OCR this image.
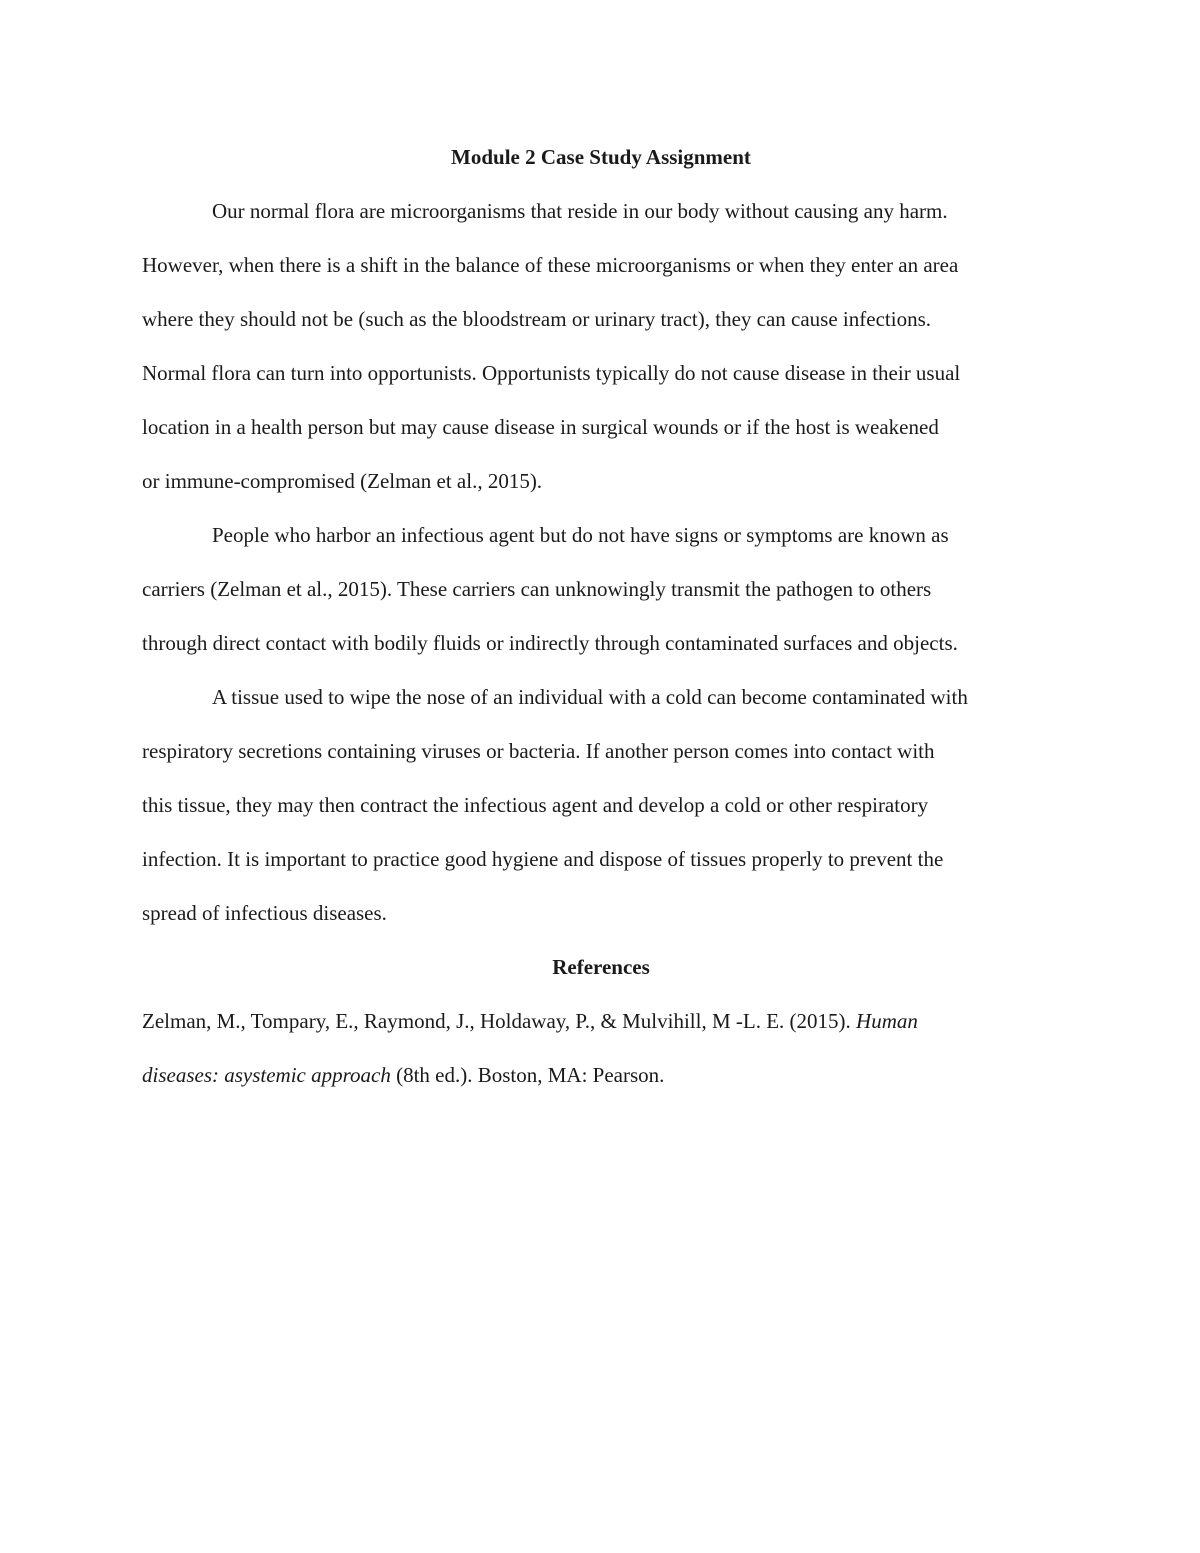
Module 2 Case Study Assignment

Our normal flora are microorganisms that reside in our body without causing any harm.
However, when there is a shift in the balance of these microorganisms or when they enter an area
where they should not be (such as the bloodstream or urinary tract), they can cause infections.
Normal flora can turn into opportunists. Opportunists typically do not cause disease in their usual
location in a health person but may cause disease in surgical wounds or if the host is weakened
or immune-compromised (Zelman et al., 2015).

People who harbor an infectious agent but do not have signs or symptoms are known as
carriers (Zelman et al., 2015). These carriers can unknowingly transmit the pathogen to others
through direct contact with bodily fluids or indirectly through contaminated surfaces and objects.

A tissue used to wipe the nose of an individual with a cold can become contaminated with
respiratory secretions containing viruses or bacteria. If another person comes into contact with
this tissue, they may then contract the infectious agent and develop a cold or other respiratory
infection. It is important to practice good hygiene and dispose of tissues properly to prevent the
spread of infectious diseases.

References

Zelman, M., Tompary, E., Raymond, J., Holdaway, P., & Mulvihill, M -L. E. (2015). Human
diseases: asystemic approach (8th ed.). Boston, MA: Pearson.
